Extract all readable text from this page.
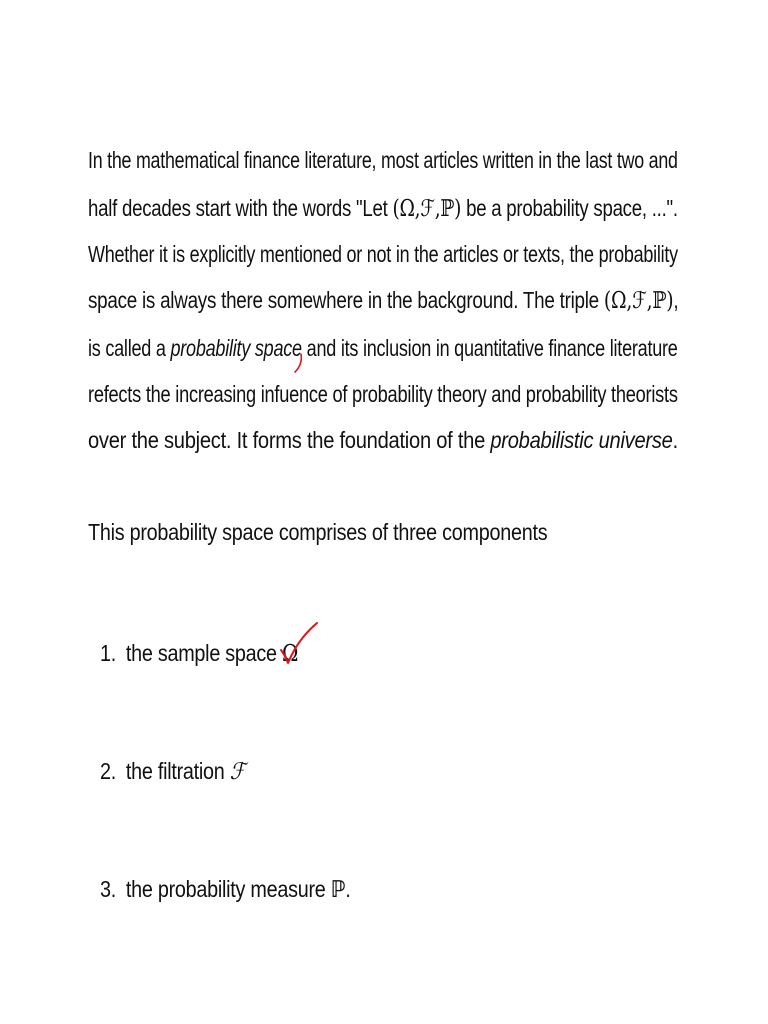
In the mathematical finance literature, most articles written in the last two and
half decades start with the words "Let (Ω,ℱ,ℙ) be a probability space, ...".
Whether it is explicitly mentioned or not in the articles or texts, the probability
space is always there somewhere in the background. The triple (Ω,ℱ,ℙ),
is called a probability space and its inclusion in quantitative finance literature
refects the increasing infuence of probability theory and probability theorists
over the subject. It forms the foundation of the probabilistic universe.
This probability space comprises of three components
1. the sample space Ω
2. the filtration ℱ
3. the probability measure ℙ.
